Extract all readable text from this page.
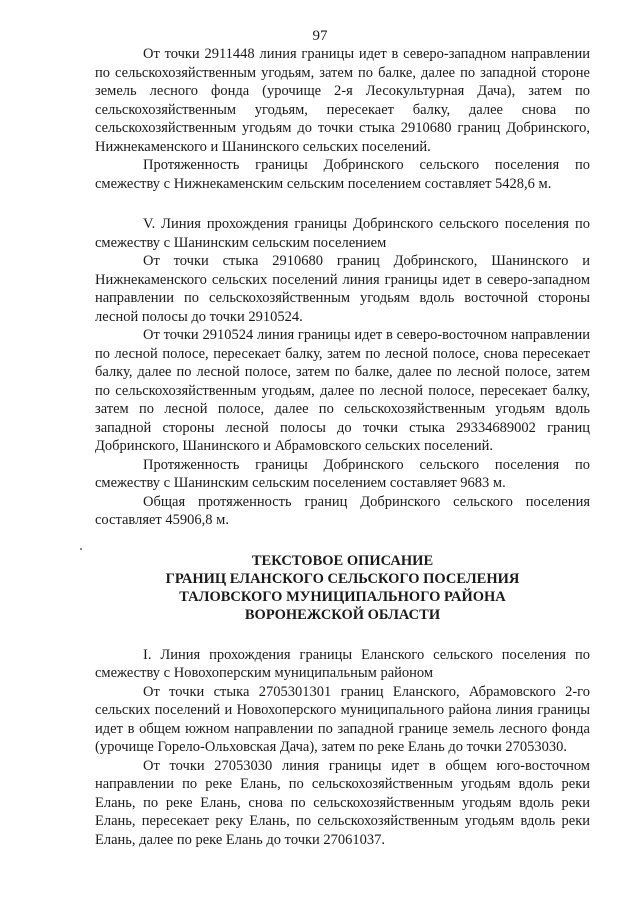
97

От точки 2911448 линия границы идет в северо-западном направлении по сельскохозяйственным угодьям, затем по балке, далее по западной стороне земель лесного фонда (урочище 2-я Лесокультурная Дача), затем по сельскохозяйственным угодьям, пересекает балку, далее снова по сельскохозяйственным угодьям до точки стыка 2910680 границ Добринского, Нижнекаменского и Шанинского сельских поселений.

Протяженность границы Добринского сельского поселения по смежеству с Нижнекаменским сельским поселением составляет 5428,6 м.

V. Линия прохождения границы Добринского сельского поселения по смежеству с Шанинским сельским поселением

От точки стыка 2910680 границ Добринского, Шанинского и Нижнекаменского сельских поселений линия границы идет в северо-западном направлении по сельскохозяйственным угодьям вдоль восточной стороны лесной полосы до точки 2910524.

От точки 2910524 линия границы идет в северо-восточном направлении по лесной полосе, пересекает балку, затем по лесной полосе, снова пересекает балку, далее по лесной полосе, затем по балке, далее по лесной полосе, затем по сельскохозяйственным угодьям, далее по лесной полосе, пересекает балку, затем по лесной полосе, далее по сельскохозяйственным угодьям вдоль западной стороны лесной полосы до точки стыка 29334689002 границ Добринского, Шанинского и Абрамовского сельских поселений.

Протяженность границы Добринского сельского поселения по смежеству с Шанинским сельским поселением составляет 9683 м.

Общая протяженность границ Добринского сельского поселения составляет 45906,8 м.

ТЕКСТОВОЕ ОПИСАНИЕ
ГРАНИЦ ЕЛАНСКОГО СЕЛЬСКОГО ПОСЕЛЕНИЯ
ТАЛОВСКОГО МУНИЦИПАЛЬНОГО РАЙОНА
ВОРОНЕЖСКОЙ ОБЛАСТИ

I. Линия прохождения границы Еланского сельского поселения по смежеству с Новохоперским муниципальным районом

От точки стыка 2705301301 границ Еланского, Абрамовского 2-го сельских поселений и Новохоперского муниципального района линия границы идет в общем южном направлении по западной границе земель лесного фонда (урочище Горело-Ольховская Дача), затем по реке Елань до точки 27053030.

От точки 27053030 линия границы идет в общем юго-восточном направлении по реке Елань, по сельскохозяйственным угодьям вдоль реки Елань, по реке Елань, снова по сельскохозяйственным угодьям вдоль реки Елань, пересекает реку Елань, по сельскохозяйственным угодьям вдоль реки Елань, далее по реке Елань до точки 27061037.
